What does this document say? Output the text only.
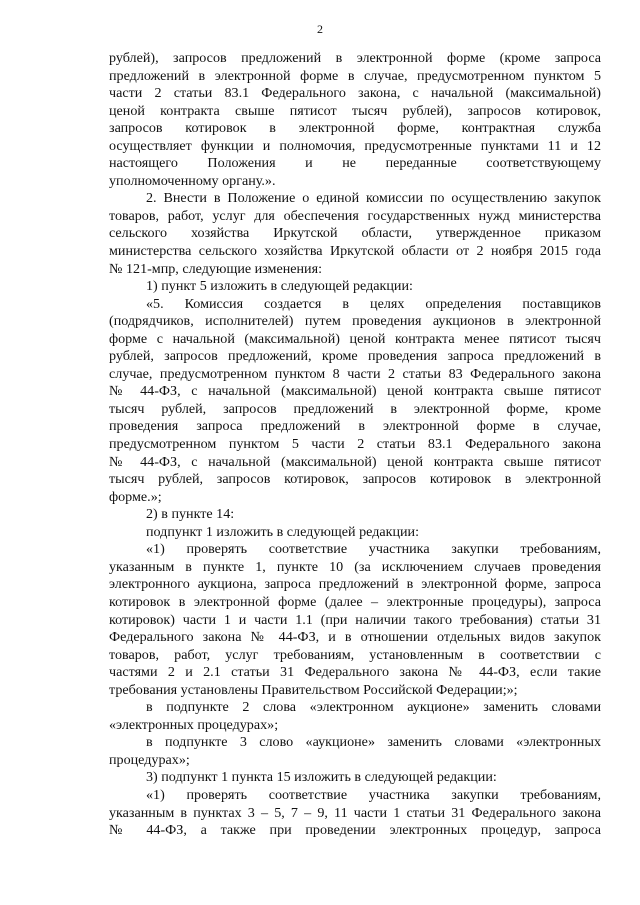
2
рублей), запросов предложений в электронной форме (кроме запроса
предложений в электронной форме в случае, предусмотренном пунктом 5
части 2 статьи 83.1 Федерального закона, с начальной (максимальной)
ценой контракта свыше пятисот тысяч рублей), запросов котировок,
запросов котировок в электронной форме, контрактная служба
осуществляет функции и полномочия, предусмотренные пунктами 11 и 12
настоящего Положения и не переданные соответствующему
уполномоченному органу.».
2. Внести в Положение о единой комиссии по осуществлению закупок
товаров, работ, услуг для обеспечения государственных нужд министерства
сельского хозяйства Иркутской области, утвержденное приказом
министерства сельского хозяйства Иркутской области от 2 ноября 2015 года
№ 121-мпр, следующие изменения:
1) пункт 5 изложить в следующей редакции:
«5. Комиссия создается в целях определения поставщиков
(подрядчиков, исполнителей) путем проведения аукционов в электронной
форме с начальной (максимальной) ценой контракта менее пятисот тысяч
рублей, запросов предложений, кроме проведения запроса предложений в
случае, предусмотренном пунктом 8 части 2 статьи 83 Федерального закона
№ 44-ФЗ, с начальной (максимальной) ценой контракта свыше пятисот
тысяч рублей, запросов предложений в электронной форме, кроме
проведения запроса предложений в электронной форме в случае,
предусмотренном пунктом 5 части 2 статьи 83.1 Федерального закона
№ 44-ФЗ, с начальной (максимальной) ценой контракта свыше пятисот
тысяч рублей, запросов котировок, запросов котировок в электронной
форме.»;
2) в пункте 14:
подпункт 1 изложить в следующей редакции:
«1) проверять соответствие участника закупки требованиям,
указанным в пункте 1, пункте 10 (за исключением случаев проведения
электронного аукциона, запроса предложений в электронной форме, запроса
котировок в электронной форме (далее – электронные процедуры), запроса
котировок) части 1 и части 1.1 (при наличии такого требования) статьи 31
Федерального закона № 44-ФЗ, и в отношении отдельных видов закупок
товаров, работ, услуг требованиям, установленным в соответствии с
частями 2 и 2.1 статьи 31 Федерального закона № 44-ФЗ, если такие
требования установлены Правительством Российской Федерации;»;
в подпункте 2 слова «электронном аукционе» заменить словами
«электронных процедурах»;
в подпункте 3 слово «аукционе» заменить словами «электронных
процедурах»;
3) подпункт 1 пункта 15 изложить в следующей редакции:
«1) проверять соответствие участника закупки требованиям,
указанным в пунктах 3 – 5, 7 – 9, 11 части 1 статьи 31 Федерального закона
№ 44-ФЗ, а также при проведении электронных процедур, запроса
